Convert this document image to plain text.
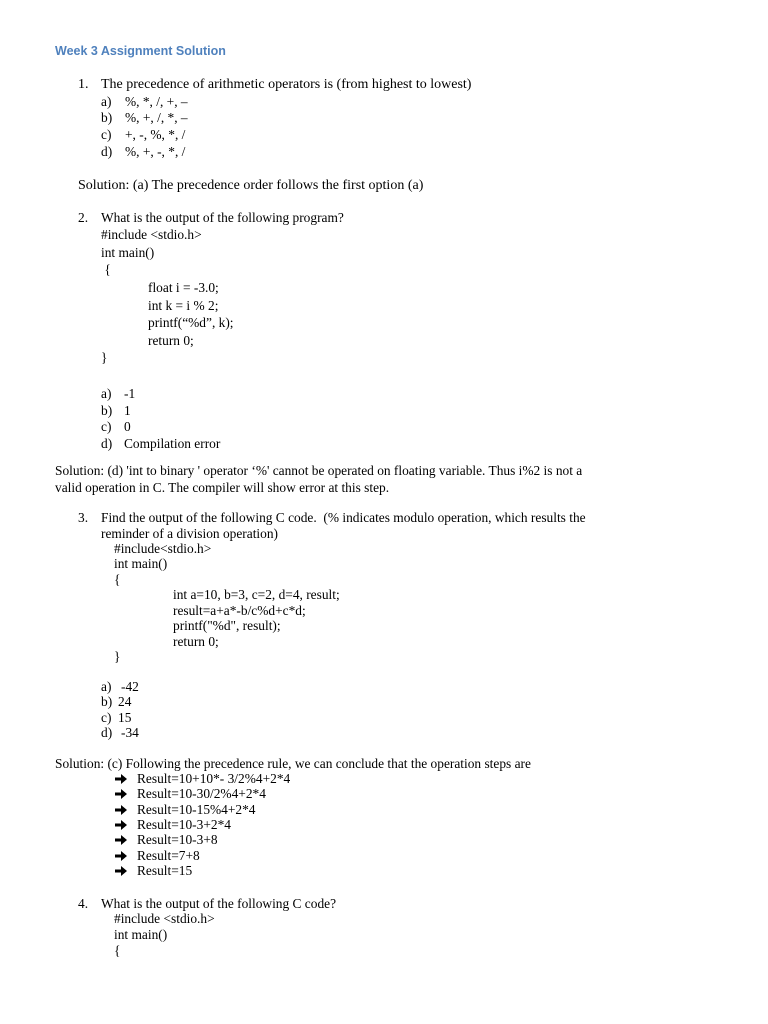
Week 3 Assignment Solution
1. The precedence of arithmetic operators is (from highest to lowest)
a) %, *, /, +, –
b) %, +, /, *, –
c) +, -, %, *, /
d) %, +, -, *, /
Solution: (a) The precedence order follows the first option (a)
2. What is the output of the following program?
#include <stdio.h>
int main()
{
float i = -3.0;
int k = i % 2;
printf(“%d”, k);
return 0;
}
a) -1
b) 1
c) 0
d) Compilation error
Solution: (d) 'int to binary ' operator ‘%' cannot be operated on floating variable. Thus i%2 is not a
valid operation in C. The compiler will show error at this step.
3. Find the output of the following C code.  (% indicates modulo operation, which results the
reminder of a division operation)
#include<stdio.h>
int main()
{
int a=10, b=3, c=2, d=4, result;
result=a+a*-b/c%d+c*d;
printf("%d", result);
return 0;
}
a) -42
b) 24
c) 15
d) -34
Solution: (c) Following the precedence rule, we can conclude that the operation steps are
Result=10+10*- 3/2%4+2*4
Result=10-30/2%4+2*4
Result=10-15%4+2*4
Result=10-3+2*4
Result=10-3+8
Result=7+8
Result=15
4. What is the output of the following C code?
#include <stdio.h>
int main()
{
